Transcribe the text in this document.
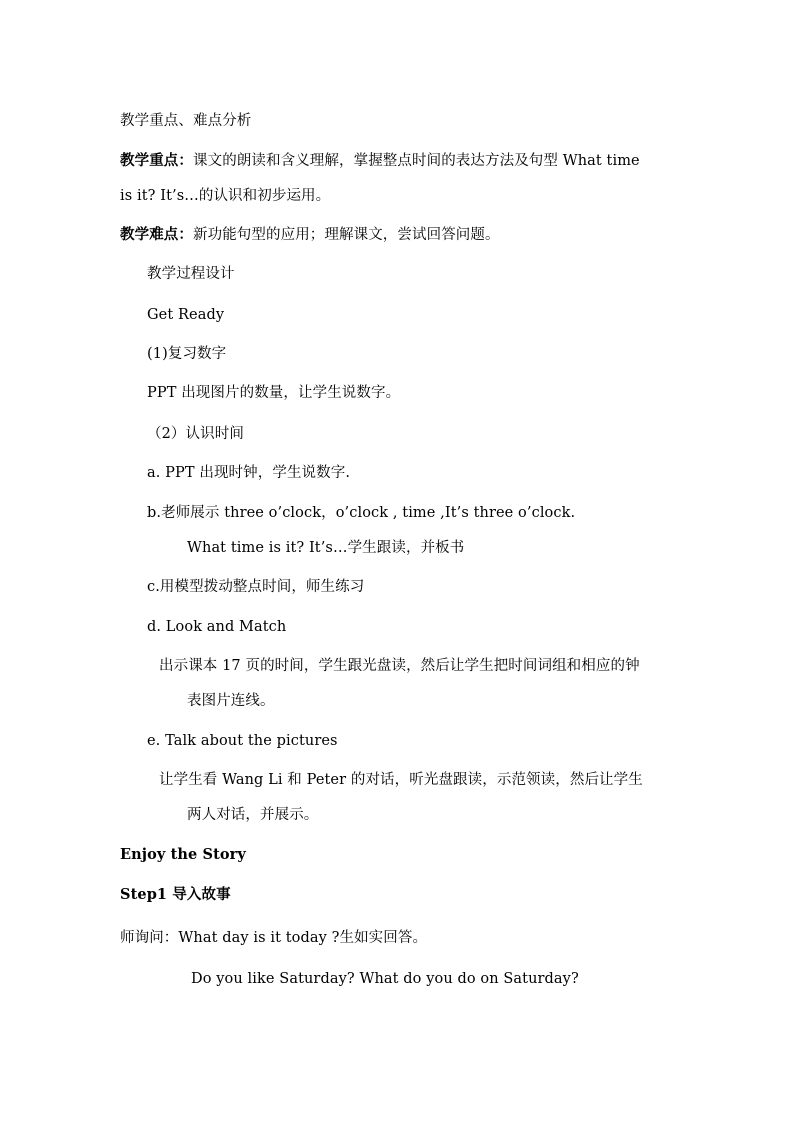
教学重点、难点分析
教学重点：课文的朗读和含义理解，掌握整点时间的表达方法及句型 What time
is it? It’s…的认识和初步运用。
教学难点：新功能句型的应用；理解课文，尝试回答问题。
教学过程设计
Get Ready
(1)复习数字
PPT 出现图片的数量，让学生说数字。
（2）认识时间
a. PPT 出现时钟，学生说数字.
b.老师展示 three o’clock，o’clock , time ,It’s three o’clock.
What time is it? It’s…学生跟读，并板书
c.用模型拨动整点时间，师生练习
d. Look and Match
出示课本 17 页的时间，学生跟光盘读，然后让学生把时间词组和相应的钟
表图片连线。
e. Talk about the pictures
让学生看 Wang Li 和 Peter 的对话，听光盘跟读，示范领读，然后让学生
两人对话，并展示。
Enjoy the Story
Step1 导入故事
师询问：What day is it today ?生如实回答。
Do you like Saturday? What do you do on Saturday?
